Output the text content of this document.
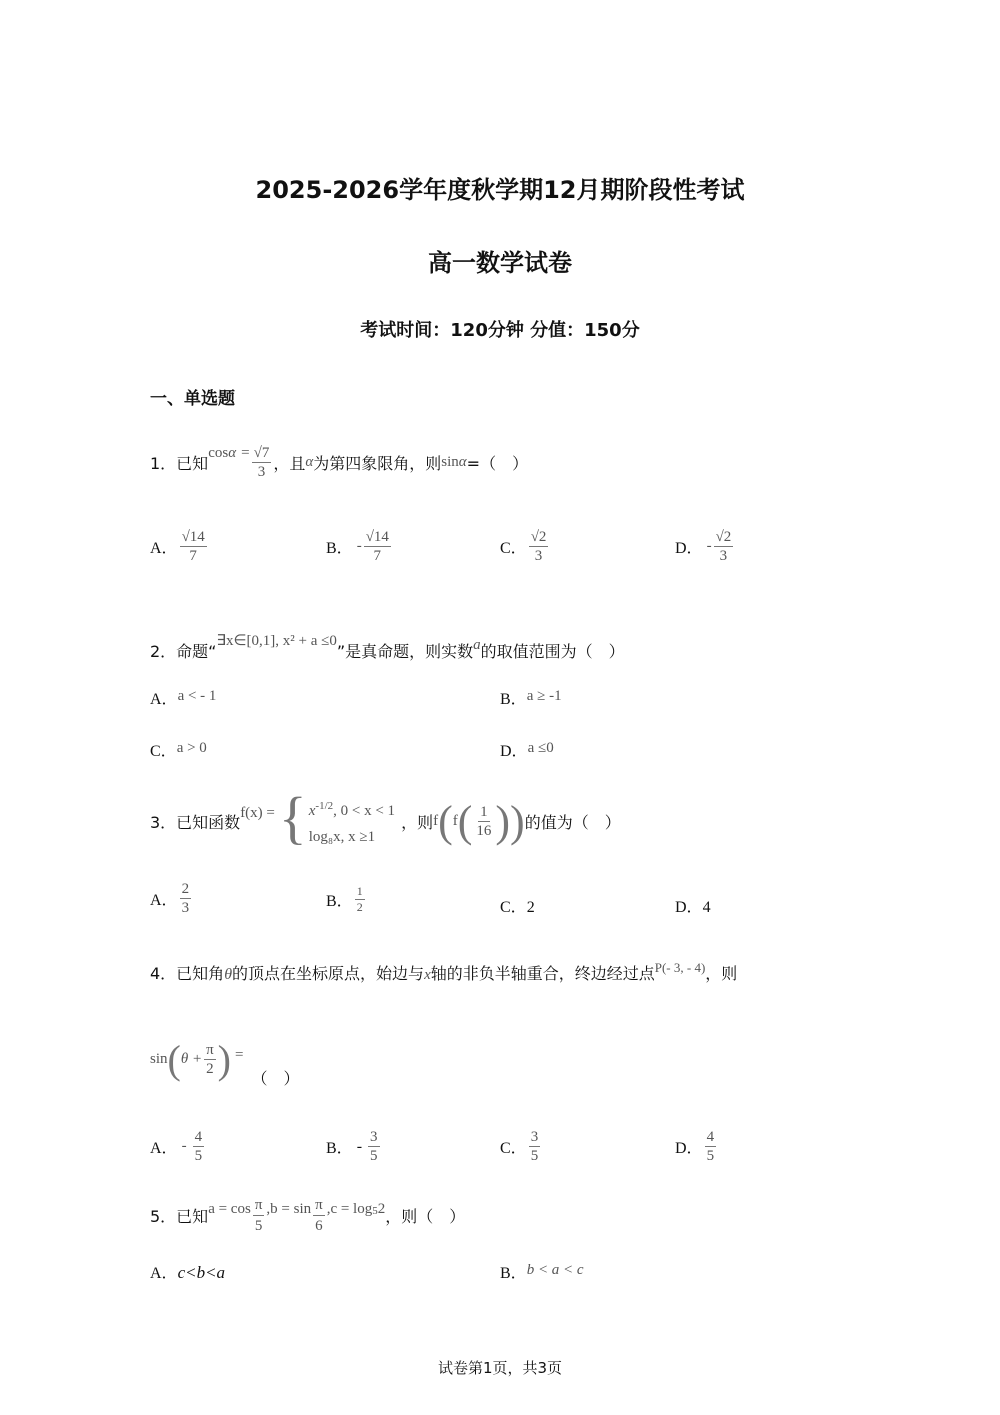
2025-2026学年度秋学期12月期阶段性考试
高一数学试卷
考试时间：120分钟 分值：150分
一、单选题
1．已知
$\cos\alpha = \frac{√7}{3}$ ，且 α 为第四象限角，则 sin α =（　）
A． $\frac{√14}{7}$	B． - $\frac{√14}{7}$	C． $\frac{√2}{3}$	D． - $\frac{√2}{3}$
2．命题“
∃x∈[0,1], x² + a ≤0
”是真命题，则实数 a 的取值范围为（　）
A．a < - 1	B．a ≥ -1
C．a > 0	D．a ≤0
3．已知函数 f(x) = { $x^{-1/2}$, 0 < x < 1
log₈x, x ≥1
，则 f ( f ( $\frac{1}{16}$ ) ) 的值为（　）
A． $\frac{2}{3}$	B． $\frac{1}{2}$	C．2	D．4
4．已知角 θ 的顶点在坐标原点，始边与 x 轴的非负半轴重合，终边经过点 P(- 3, - 4) ，则
sin ( $\theta + \frac{\pi}{2}$ ) =
（　）
A． - $\frac{4}{5}$	B． - $\frac{3}{5}$	C． $\frac{3}{5}$	D． $\frac{4}{5}$
5．已知 $a = \cos \frac{\pi}{5} ,b = \sin \frac{\pi}{6} ,c = \log_5 2$ ，则（　）
A．c<b<a	B．b < a < c
试卷第1页，共3页
